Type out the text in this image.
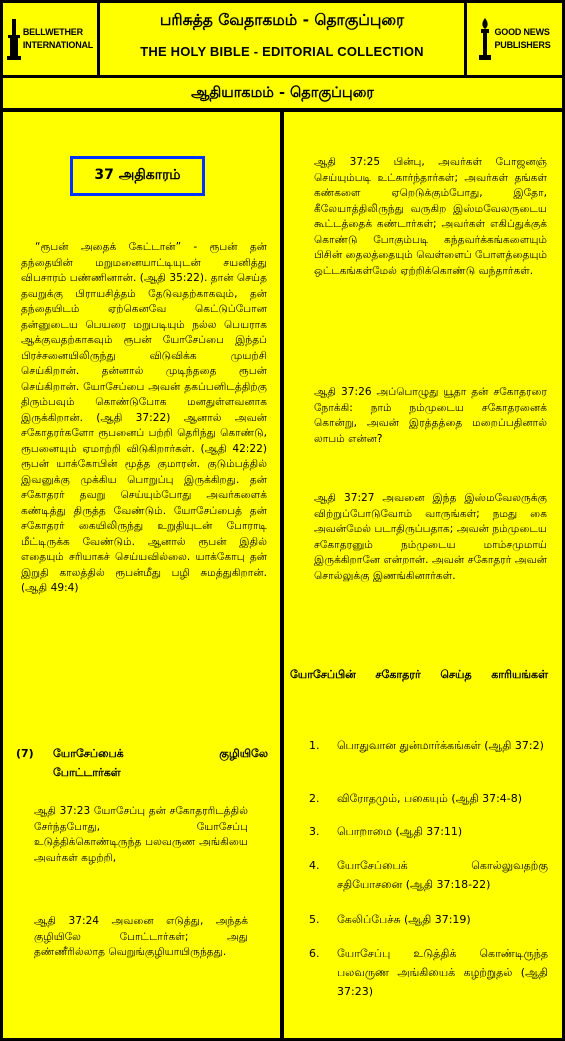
BELLWETHER
INTERNATIONAL
பரிசுத்த வேதாகமம் - தொகுப்புரை
THE HOLY BIBLE - EDITORIAL COLLECTION
GOOD NEWS
PUBLISHERS
ஆதியாகமம் - தொகுப்புரை
37 அதிகாரம்
“ரூபன் அதைக் கேட்டான்” - ரூபன் தன் தந்தையின் மறுமனையாட்டியுடன் சயனித்து விபசாரம் பண்ணினான். (ஆதி 35:22). தான் செய்த தவறுக்கு பிராயசித்தம் தேடுவதற்காகவும், தன் தந்தையிடம் ஏற்கெனவே கெட்டுப்போன தன்னுடைய பெயரை மறுபடியும் நல்ல பெயராக ஆக்குவதற்காகவும் ரூபன் யோசேப்பை இந்தப் பிரச்சனையிலிருந்து விடுவிக்க முயற்சி செய்கிறான். தன்னால் முடிந்ததை ரூபன் செய்கிறான். யோசேப்பை அவன் தகப்பனிடத்திற்கு திரும்பவும் கொண்டுபோக மனதுள்ளவனாக இருக்கிறான். (ஆதி 37:22) ஆனால் அவன் சகோதரர்களோ ரூபனைப் பற்றி தெரிந்து கொண்டு, ரூபனையும் ஏமாற்றி விடுகிறார்கள். (ஆதி 42:22) ரூபன் யாக்கோபின் மூத்த குமாரன். குடும்பத்தில் இவனுக்கு முக்கிய பொறுப்பு இருக்கிறது. தன் சகோதரர் தவறு செய்யும்போது அவர்களைக் கண்டித்து திருத்த வேண்டும். யோசேப்பைத் தன் சகோதரர் கையிலிருந்து உறுதியுடன் போராடி மீட்டிருக்க வேண்டும். ஆனால் ரூபன் இதில் எதையும் சரியாகச் செய்யவில்லை. யாக்கோபு தன் இறுதி காலத்தில் ரூபன்மீது பழி சுமத்துகிறான். (ஆதி 49:4)
(7) யோசேப்பைக் குழியிலே
போட்டார்கள்
ஆதி 37:23 யோசேப்பு தன் சகோதரரிடத்தில் சேர்ந்தபோது, யோசேப்பு உடுத்திக்கொண்டிருந்த பலவருண அங்கியை அவர்கள் கழற்றி,
ஆதி 37:24 அவனை எடுத்து, அந்தக் குழியிலே போட்டார்கள்; அது தண்ணீரில்லாத வெறுங்குழியாயிருந்தது.
ஆதி 37:25 பின்பு, அவர்கள் போஜனஞ் செய்யும்படி உட்கார்ந்தார்கள்; அவர்கள் தங்கள் கண்களை ஏறெடுக்கும்போது, இதோ, கீலேயாத்திலிருந்து வருகிற இஸ்மவேலருடைய கூட்டத்தைக் கண்டார்கள்; அவர்கள் எகிப்துக்குக் கொண்டு போகும்படி கந்தவர்க்கங்களையும் பிசின் தைலத்தையும் வெள்ளைப் போளத்தையும் ஒட்டகங்கள்மேல் ஏற்றிக்கொண்டு வந்தார்கள்.
ஆதி 37:26 அப்பொழுது யூதா தன் சகோதரரை நோக்கி: நாம் நம்முடைய சகோதரனைக் கொன்று, அவன் இரத்தத்தை மறைப்பதினால் லாபம் என்ன?
ஆதி 37:27 அவனை இந்த இஸ்மவேலருக்கு விற்றுப்போடுவோம் வாருங்கள்; நமது கை அவன்மேல் படாதிருப்பதாக; அவன் நம்முடைய சகோதரனும் நம்முடைய மாம்சமுமாய் இருக்கிறானே என்றான். அவன் சகோதரர் அவன் சொல்லுக்கு இணங்கினார்கள்.
யோசேப்பின் சகோதரர் செய்த காரியங்கள்
1. பொதுவான துன்மார்க்கங்கள் (ஆதி 37:2)
2. விரோதமும், பகையும் (ஆதி 37:4-8)
3. பொறாமை (ஆதி 37:11)
4. யோசேப்பைக் கொல்லுவதற்கு சதியோசனை (ஆதி 37:18-22)
5. கேலிப்பேச்சு (ஆதி 37:19)
6. யோசேப்பு உடுத்திக் கொண்டிருந்த பலவருண அங்கியைக் கழற்றுதல் (ஆதி 37:23)
